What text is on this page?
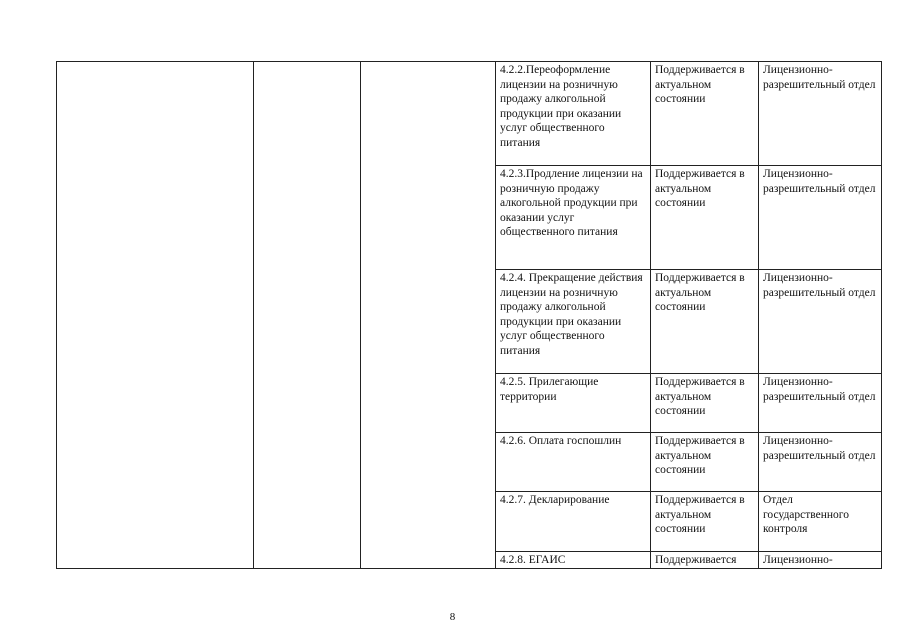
			4.2.2.Переоформление лицензии на розничную продажу алкогольной продукции при оказании услуг общественного питания	Поддерживается в актуальном состоянии	Лицензионно-разрешительный отдел

			4.2.3.Продление лицензии на розничную продажу алкогольной продукции при оказании услуг общественного питания	Поддерживается в актуальном состоянии	Лицензионно-разрешительный отдел

			4.2.4. Прекращение действия лицензии на розничную продажу алкогольной продукции при оказании услуг общественного питания	Поддерживается в актуальном состоянии	Лицензионно-разрешительный отдел

			4.2.5. Прилегающие территории	Поддерживается в актуальном состоянии	Лицензионно-разрешительный отдел

			4.2.6. Оплата госпошлин	Поддерживается в актуальном состоянии	Лицензионно-разрешительный отдел

			4.2.7. Декларирование	Поддерживается в актуальном состоянии	Отдел государственного контроля

			4.2.8. ЕГАИС	Поддерживается	Лицензионно-
8
